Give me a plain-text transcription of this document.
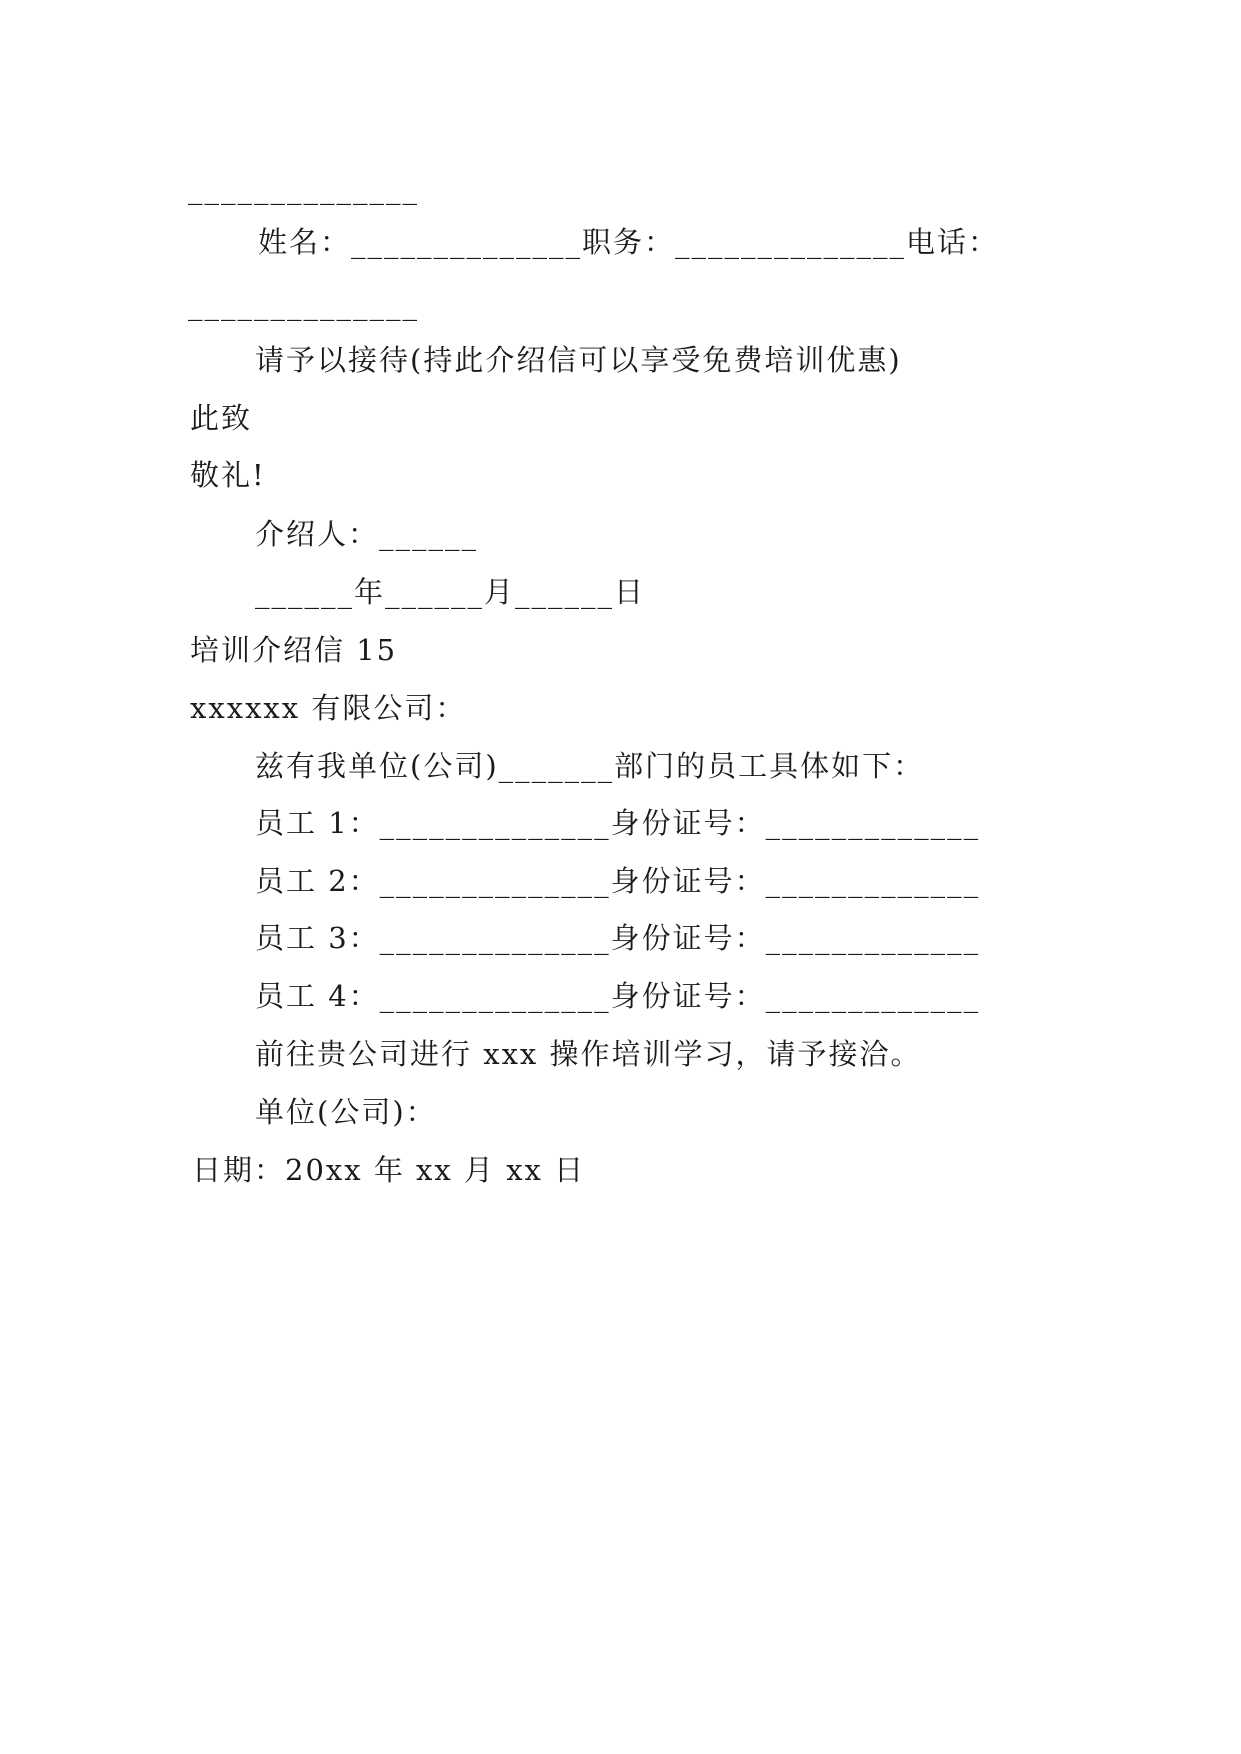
______________
姓名：______________职务：______________电话：
______________
请予以接待(持此介绍信可以享受免费培训优惠)
此致
敬礼!
介绍人：______
______年______月______日
培训介绍信 15
xxxxxx 有限公司：
兹有我单位(公司)_______部门的员工具体如下：
员工 1：______________身份证号：_____________
员工 2：______________身份证号：_____________
员工 3：______________身份证号：_____________
员工 4：______________身份证号：_____________
前往贵公司进行 xxx 操作培训学习，请予接洽。
单位(公司)：
日期：20xx 年 xx 月 xx 日
